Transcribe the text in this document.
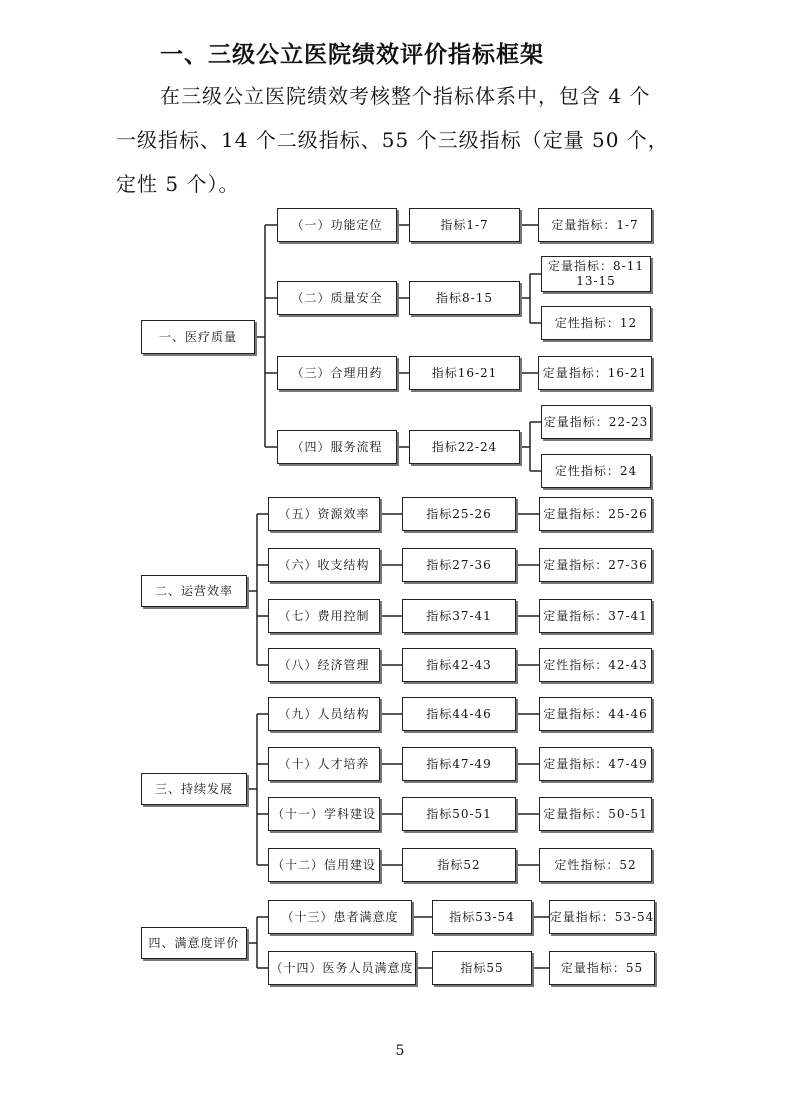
一、三级公立医院绩效评价指标框架
在三级公立医院绩效考核整个指标体系中，包含 4 个
一级指标、14 个二级指标、55 个三级指标（定量 50 个，
定性 5 个）。
一、医疗质量
（一）功能定位	指标1-7	定量指标：1-7
（二）质量安全	指标8-15
定量指标：8-11
13-15
定性指标：12
（三）合理用药	指标16-21	定量指标：16-21
（四）服务流程	指标22-24
定量指标：22-23
定性指标：24
二、运营效率
（五）资源效率	指标25-26	定量指标：25-26
（六）收支结构	指标27-36	定量指标：27-36
（七）费用控制	指标37-41	定量指标：37-41
（八）经济管理	指标42-43	定性指标：42-43
三、持续发展
（九）人员结构	指标44-46	定量指标：44-46
（十）人才培养	指标47-49	定量指标：47-49
（十一）学科建设	指标50-51	定量指标：50-51
（十二）信用建设	指标52	定性指标：52
四、满意度评价
（十三）患者满意度	指标53-54	定量指标：53-54
（十四）医务人员满意度	指标55	定量指标：55
5
